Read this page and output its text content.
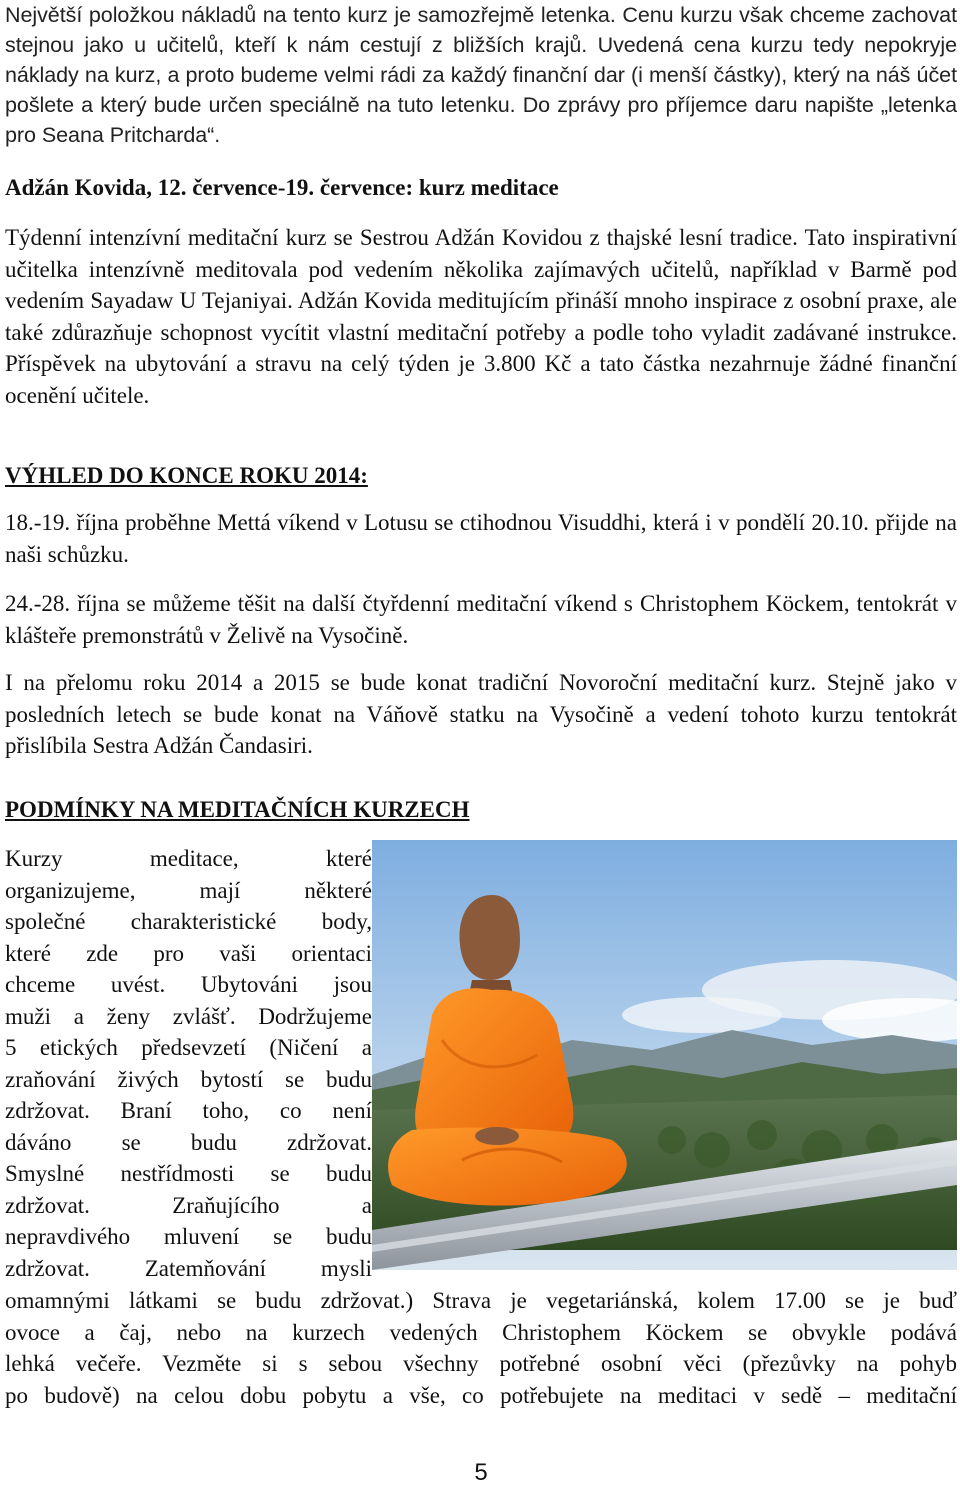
Největší položkou nákladů na tento kurz je samozřejmě letenka. Cenu kurzu však chceme zachovat stejnou jako u učitelů, kteří k nám cestují z bližších krajů. Uvedená cena kurzu tedy nepokryje náklady na kurz, a proto budeme velmi rádi za každý finanční dar (i menší částky), který na náš účet pošlete a který bude určen speciálně na tuto letenku. Do zprávy pro příjemce daru napište „letenka pro Seana Pritcharda“.

Adžán Kovida, 12. července-19. července: kurz meditace

Týdenní intenzívní meditační kurz se Sestrou Adžán Kovidou z thajské lesní tradice. Tato inspirativní učitelka intenzívně meditovala pod vedením několika zajímavých učitelů, například v Barmě pod vedením Sayadaw U Tejaniyai. Adžán Kovida meditujícím přináší mnoho inspirace z osobní praxe, ale také zdůrazňuje schopnost vycítit vlastní meditační potřeby a podle toho vyladit zadávané instrukce. Příspěvek na ubytování a stravu na celý týden je 3.800 Kč a tato částka nezahrnuje žádné finanční ocenění učitele.

VÝHLED DO KONCE ROKU 2014:

18.-19. října proběhne Mettá víkend v Lotusu se ctihodnou Visuddhi, která i v pondělí 20.10. přijde na naši schůzku.

24.-28. října se můžeme těšit na další čtyřdenní meditační víkend s Christophem Köckem, tentokrát v klášteře premonstrátů v Želivě na Vysočině.

I na přelomu roku 2014 a 2015 se bude konat tradiční Novoroční meditační kurz. Stejně jako v posledních letech se bude konat na Váňově statku na Vysočině a vedení tohoto kurzu tentokrát přislíbila Sestra Adžán Čandasiri.

PODMÍNKY NA MEDITAČNÍCH KURZECH
Kurzy meditace, které
organizujeme, mají některé
společné charakteristické body,
které zde pro vaši orientaci
chceme uvést. Ubytováni jsou
muži a ženy zvlášť. Dodržujeme
5 etických předsevzetí (Ničení a
zraňování živých bytostí se budu
zdržovat. Braní toho, co není
dáváno se budu zdržovat.
Smyslné nestřídmosti se budu
zdržovat. Zraňujícího a
nepravdivého mluvení se budu
zdržovat. Zatemňování mysli
omamnými látkami se budu zdržovat.) Strava je vegetariánská, kolem 17.00 se je buď
ovoce a čaj, nebo na kurzech vedených Christophem Köckem se obvykle podává
lehká večeře. Vezměte si s sebou všechny potřebné osobní věci (přezůvky na pohyb
po budově) na celou dobu pobytu a vše, co potřebujete na meditaci v sedě – meditační
5
